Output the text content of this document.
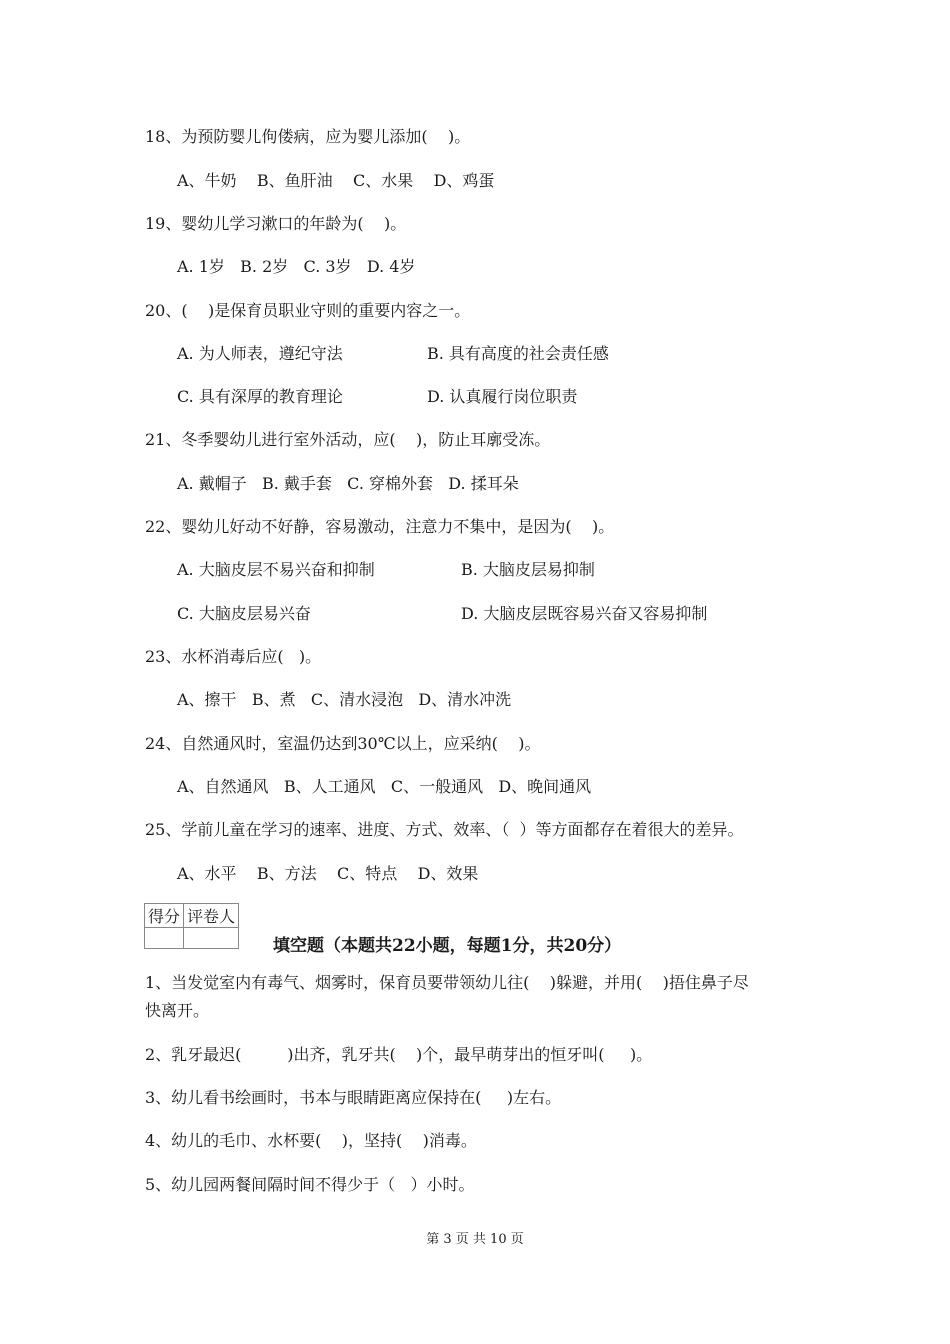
18、为预防婴儿佝偻病，应为婴儿添加(    )。
A、牛奶    B、鱼肝油    C、水果    D、鸡蛋
19、婴幼儿学习漱口的年龄为(    )。
A. 1岁   B. 2岁   C. 3岁   D. 4岁
20、(    )是保育员职业守则的重要内容之一。
A. 为人师表，遵纪守法	B. 具有高度的社会责任感
C. 具有深厚的教育理论	D. 认真履行岗位职责
21、冬季婴幼儿进行室外活动，应(    )，防止耳廓受冻。
A. 戴帽子   B. 戴手套   C. 穿棉外套   D. 揉耳朵
22、婴幼儿好动不好静，容易激动，注意力不集中，是因为(    )。
A. 大脑皮层不易兴奋和抑制	B. 大脑皮层易抑制
C. 大脑皮层易兴奋	D. 大脑皮层既容易兴奋又容易抑制
23、水杯消毒后应(   )。
A、擦干   B、煮   C、清水浸泡   D、清水冲洗
24、自然通风时，室温仍达到30℃以上，应采纳(    )。
A、自然通风   B、人工通风   C、一般通风   D、晚间通风
25、学前儿童在学习的速率、进度、方式、效率、（  ）等方面都存在着很大的差异。
A、水平    B、方法    C、特点    D、效果
得分	评卷人

填空题（本题共22小题，每题1分，共20分）
1、当发觉室内有毒气、烟雾时，保育员要带领幼儿往(    )躲避，并用(    )捂住鼻子尽
快离开。
2、乳牙最迟(         )出齐，乳牙共(    )个，最早萌芽出的恒牙叫(     )。
3、幼儿看书绘画时，书本与眼睛距离应保持在(     )左右。
4、幼儿的毛巾、水杯要(    )，坚持(    )消毒。
5、幼儿园两餐间隔时间不得少于（   ）小时。
第 3 页 共 10 页
